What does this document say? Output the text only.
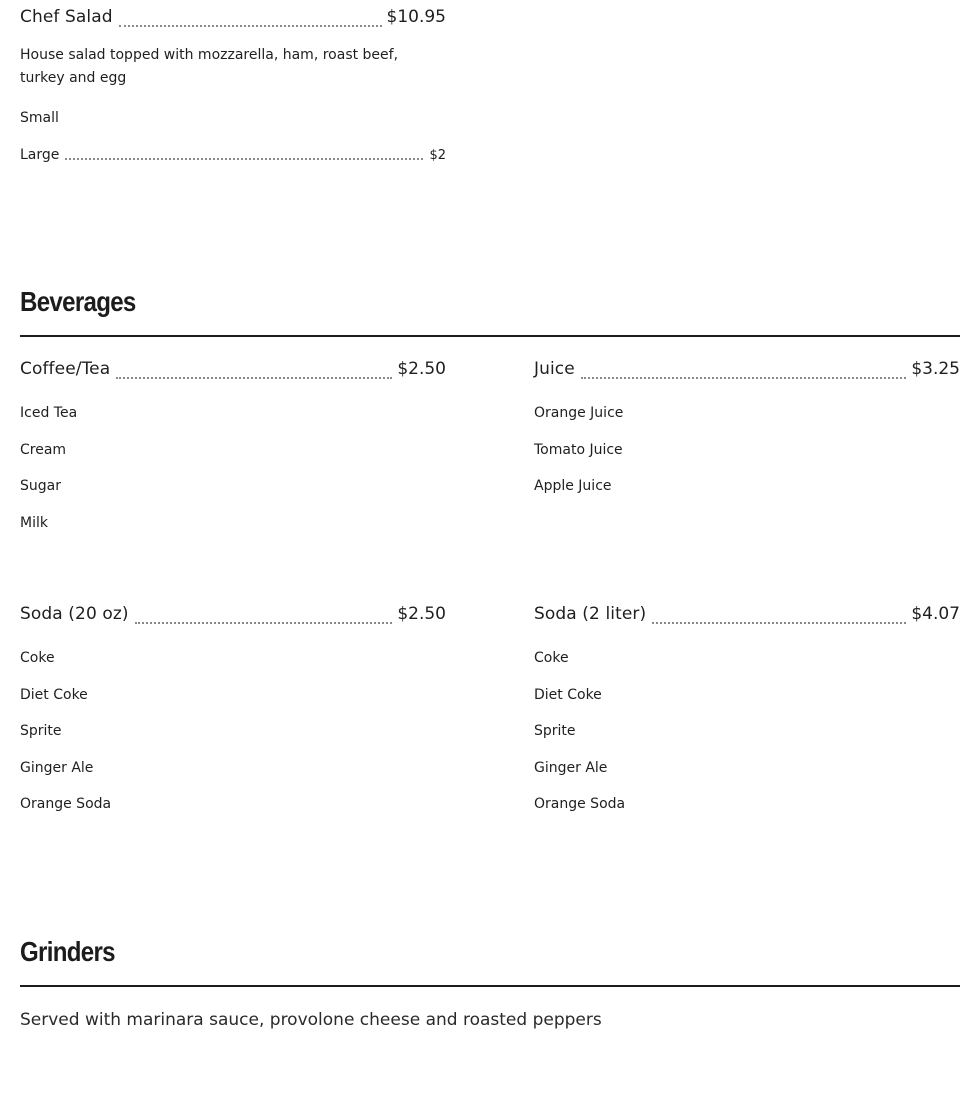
Chef Salad	$10.95
House salad topped with mozzarella, ham, roast beef, turkey and egg
Small
Large	$2
Beverages
Coffee/Tea	$2.50
Iced Tea
Cream
Sugar
Milk
Juice	$3.25
Orange Juice
Tomato Juice
Apple Juice
Soda (20 oz)	$2.50
Coke
Diet Coke
Sprite
Ginger Ale
Orange Soda
Soda (2 liter)	$4.07
Coke
Diet Coke
Sprite
Ginger Ale
Orange Soda
Grinders
Served with marinara sauce, provolone cheese and roasted peppers
